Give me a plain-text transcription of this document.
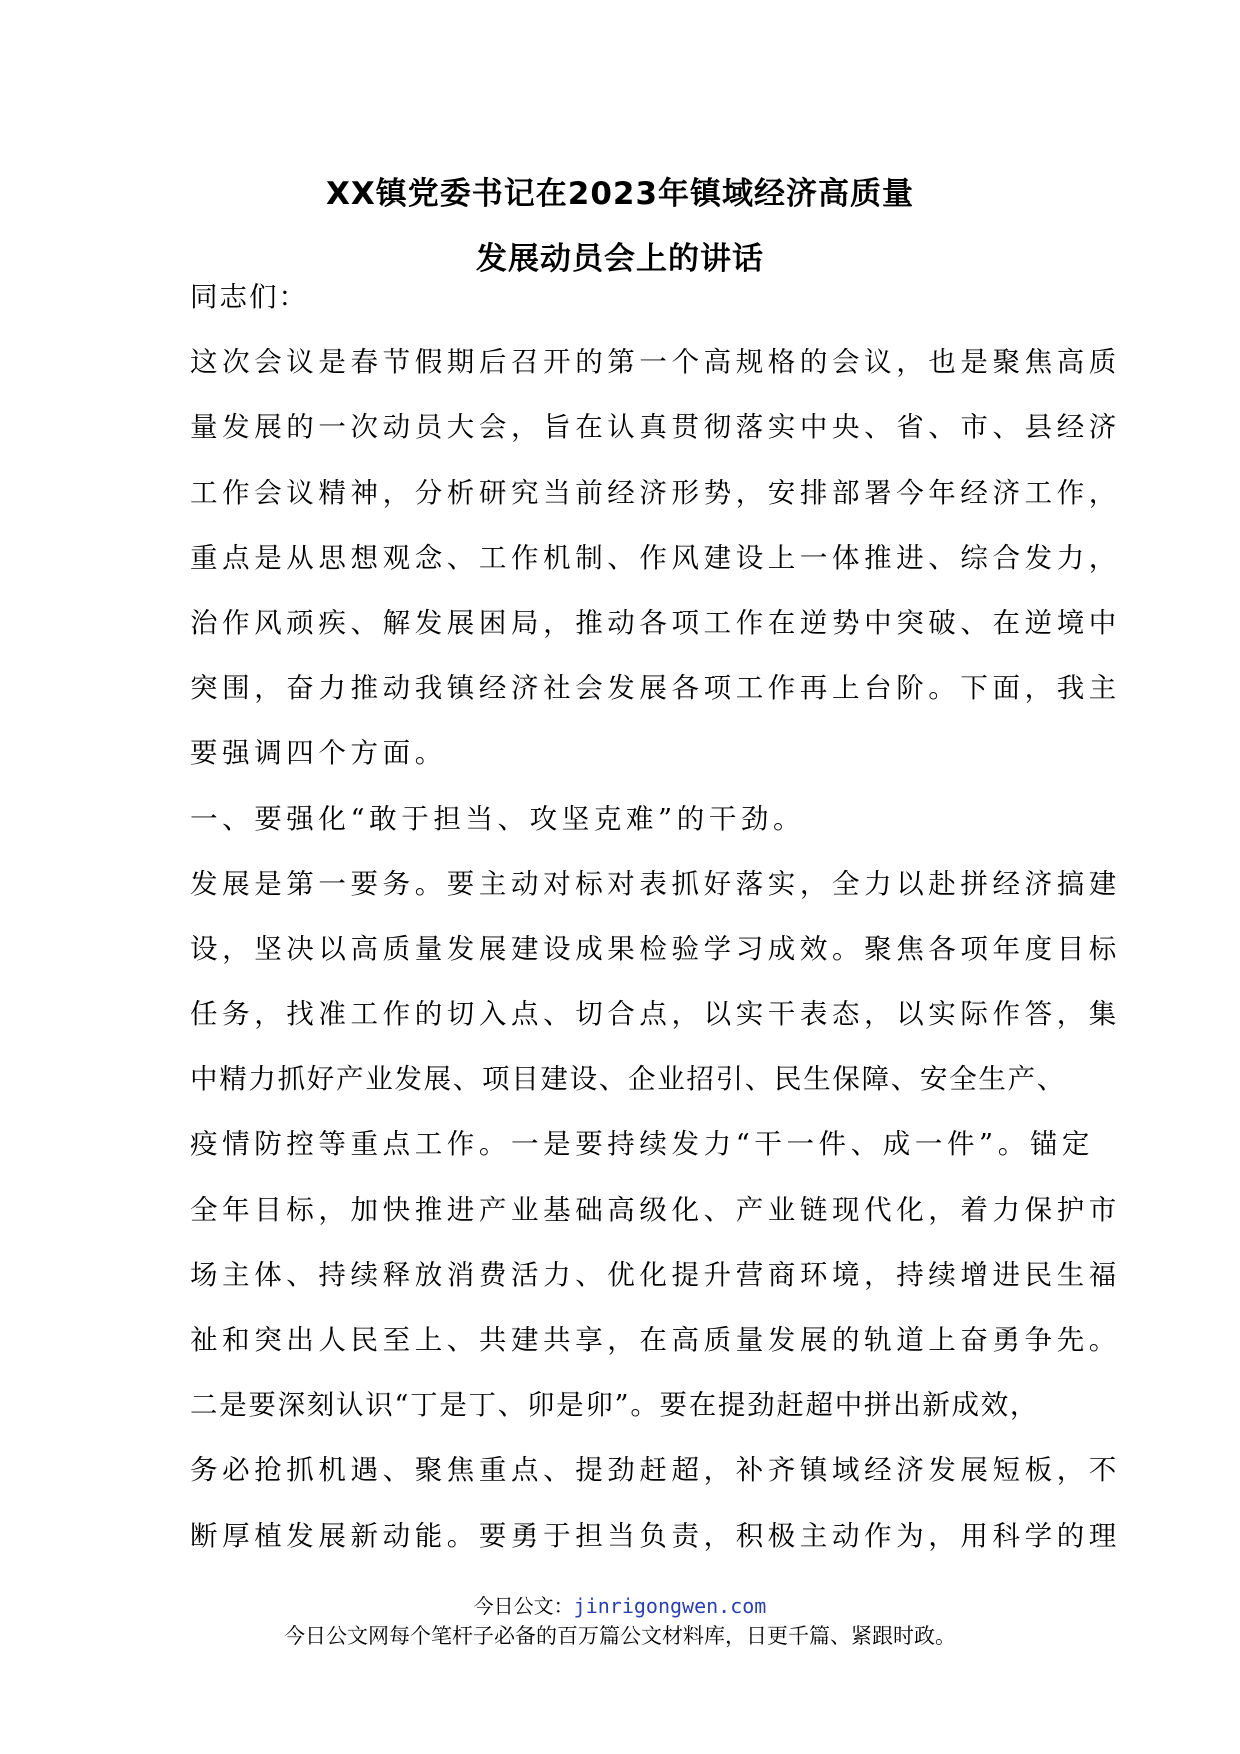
XX镇党委书记在2023年镇域经济高质量
发展动员会上的讲话
同志们：
这次会议是春节假期后召开的第一个高规格的会议，也是聚焦高质
量发展的一次动员大会，旨在认真贯彻落实中央、省、市、县经济
工作会议精神，分析研究当前经济形势，安排部署今年经济工作，
重点是从思想观念、工作机制、作风建设上一体推进、综合发力，
治作风顽疾、解发展困局，推动各项工作在逆势中突破、在逆境中
突围，奋力推动我镇经济社会发展各项工作再上台阶。下面，我主
要强调四个方面。
一、要强化“敢于担当、攻坚克难”的干劲。
发展是第一要务。要主动对标对表抓好落实，全力以赴拼经济搞建
设，坚决以高质量发展建设成果检验学习成效。聚焦各项年度目标
任务，找准工作的切入点、切合点，以实干表态，以实际作答，集
中精力抓好产业发展、项目建设、企业招引、民生保障、安全生产、
疫情防控等重点工作。一是要持续发力“干一件、成一件”。锚定
全年目标，加快推进产业基础高级化、产业链现代化，着力保护市
场主体、持续释放消费活力、优化提升营商环境，持续增进民生福
祉和突出人民至上、共建共享，在高质量发展的轨道上奋勇争先。
二是要深刻认识“丁是丁、卯是卯”。要在提劲赶超中拼出新成效，
务必抢抓机遇、聚焦重点、提劲赶超，补齐镇域经济发展短板，不
断厚植发展新动能。要勇于担当负责，积极主动作为，用科学的理
今日公文：jinrigongwen.com
今日公文网每个笔杆子必备的百万篇公文材料库，日更千篇、紧跟时政。
